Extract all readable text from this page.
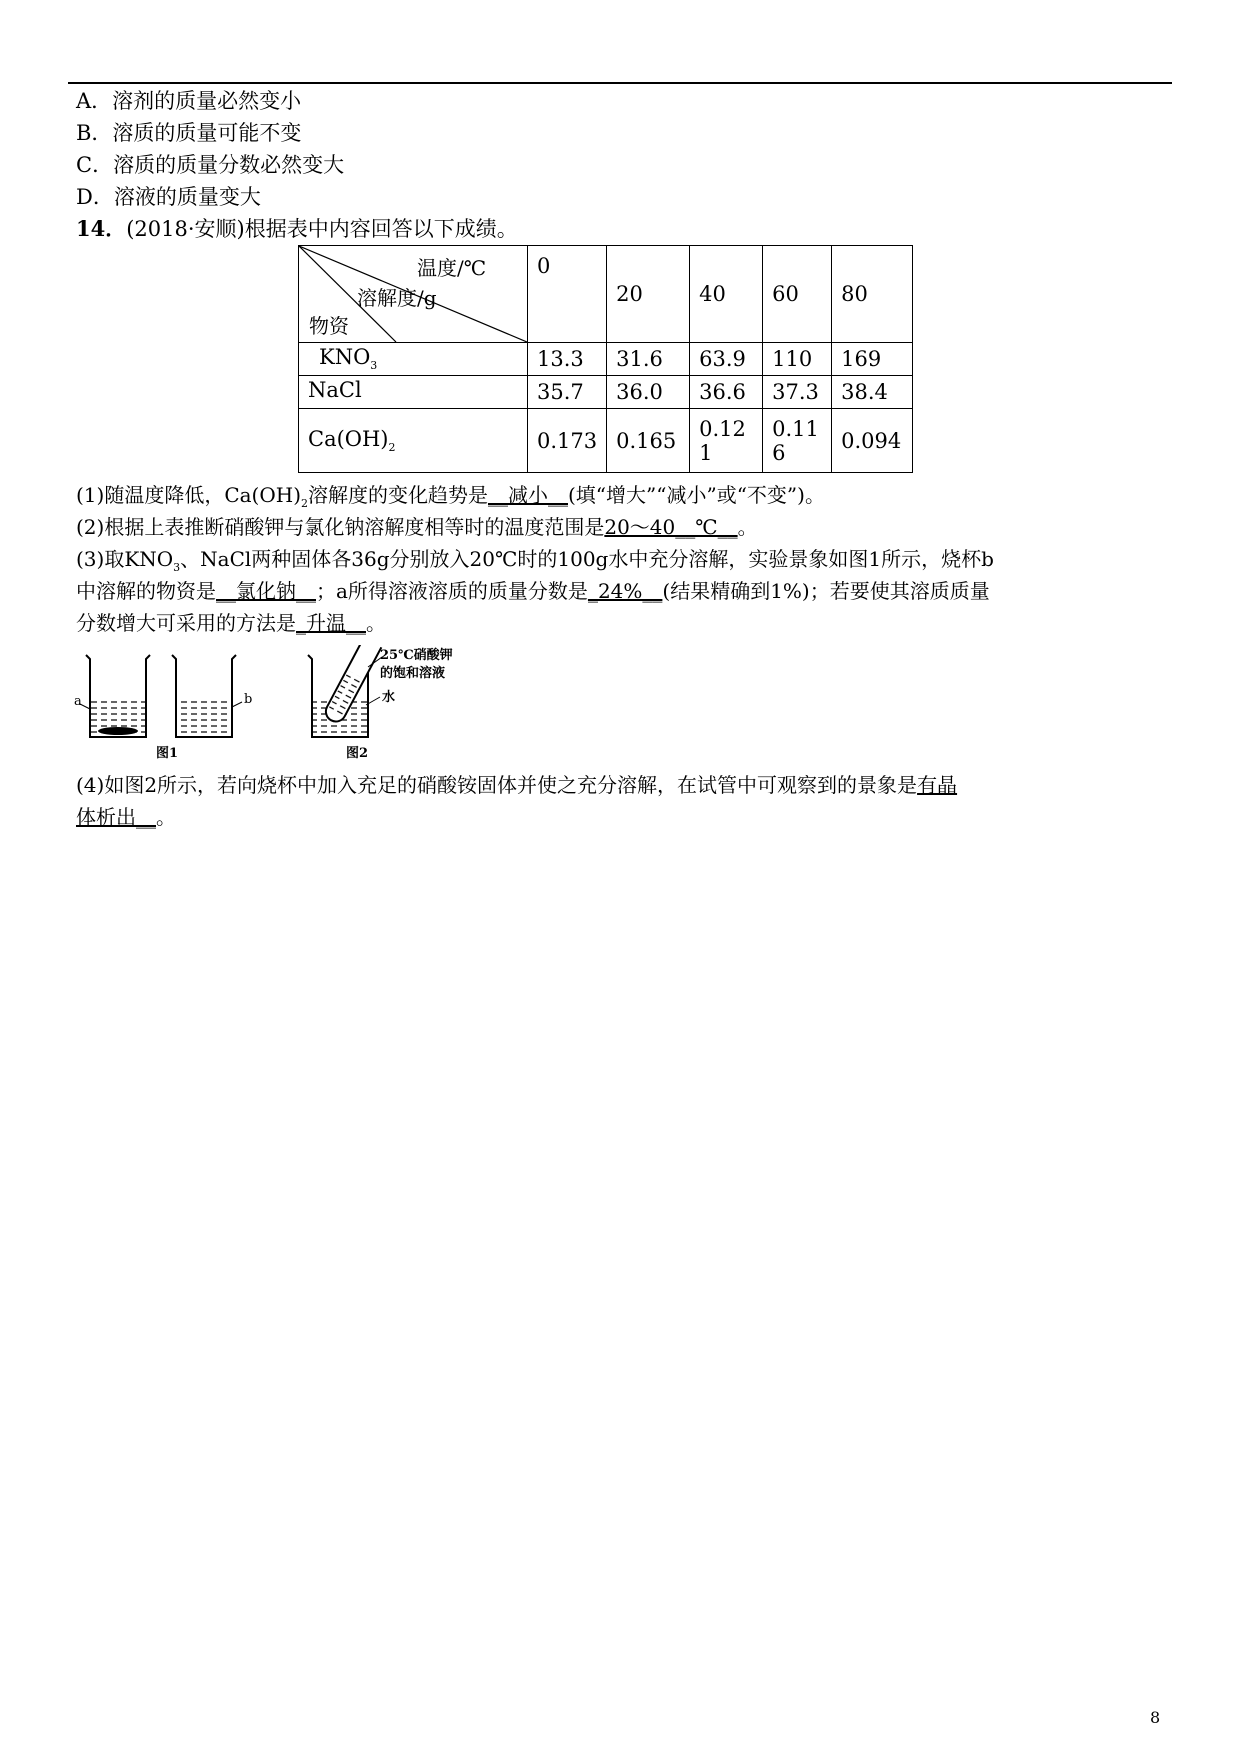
A．溶剂的质量必然变小
B．溶质的质量可能不变
C．溶质的质量分数必然变大
D．溶液的质量变大
14．(2018·安顺)根据表中内容回答以下成绩。
温度/℃
溶解度/g
物资	0	20	40	60	80
$KNO_3$	13.3	31.6	63.9	110	169
NaCl	35.7	36.0	36.6	37.3	38.4
$Ca(OH)_2$	0.173	0.165	0.12 1	0.11 6	0.094
(1)随温度降低，$Ca(OH)_2$溶解度的变化趋势是__减小__(填“增大”“减小”或“不变”)。
(2)根据上表推断硝酸钾与氯化钠溶解度相等时的温度范围是20～40__℃__。
(3)取$KNO_3$、NaCl两种固体各36g分别放入20℃时的100g水中充分溶解，实验景象如图1所示，烧杯b
中溶解的物资是__氯化钠__；a所得溶液溶质的质量分数是_24%__(结果精确到1%)；若要使其溶质质量
分数增大可采用的方法是_升温__。
a	b
图1
25℃硝酸钾
的饱和溶液
水
图2
(4)如图2所示，若向烧杯中加入充足的硝酸铵固体并使之充分溶解，在试管中可观察到的景象是有晶
体析出__。
8
